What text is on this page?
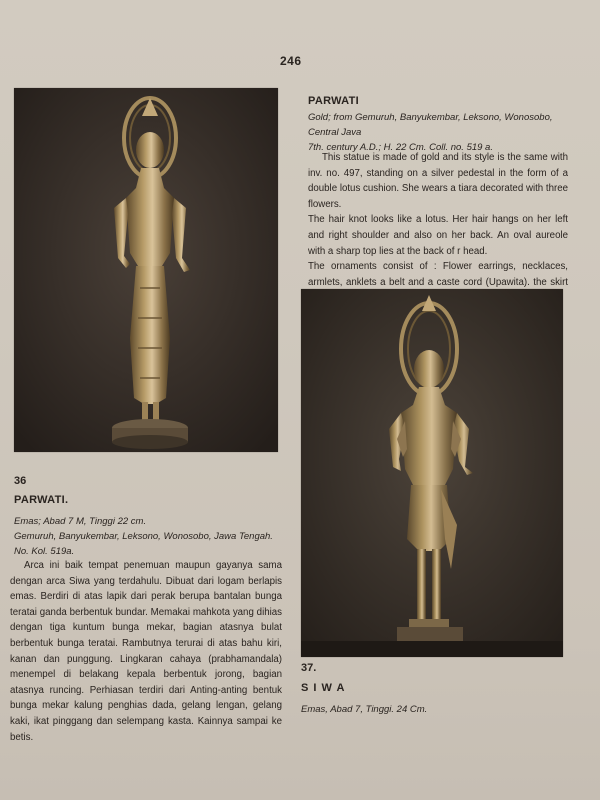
246
PARWATI
Gold; from Gemuruh, Banyukembar, Leksono, Wonosobo, Central Java
7th. century A.D.; H. 22 Cm. Coll. no. 519 a.

This statue is made of gold and its style is the same with inv. no. 497, standing on a silver pedestal in the form of a double lotus cushion. She wears a tiara decorated with three flowers.

The hair knot looks like a lotus. Her hair hangs on her left and right shoulder and also on her back. An oval aureole with a sharp top lies at the back of r head.

The ornaments consist of : Flower earrings, necklaces, armlets, anklets a belt and a caste cord (Upawita). the skirt

36
PARWATI.
Emas; Abad 7 M, Tinggi 22 cm.
Gemuruh, Banyukembar, Leksono, Wonosobo, Jawa Tengah. No. Kol. 519a.

Arca ini baik tempat penemuan maupun gayanya sama dengan arca Siwa yang terdahulu. Dibuat dari logam berlapis emas. Berdiri di atas lapik dari perak berupa bantalan bunga teratai ganda berbentuk bundar. Memakai mahkota yang dihias dengan tiga kuntum bunga mekar, bagian atasnya bulat berbentuk bunga teratai. Rambutnya terurai di atas bahu kiri, kanan dan punggung. Lingkaran cahaya (prabhamandala) menempel di belakang kepala berbentuk jorong, bagian atasnya runcing. Perhiasan terdiri dari Anting-anting bentuk bunga mekar kalung penghias dada, gelang lengan, gelang kaki, ikat pinggang dan selempang kasta. Kainnya sampai ke betis.

37.
S I W A
Emas, Abad 7, Tinggi. 24 Cm.
